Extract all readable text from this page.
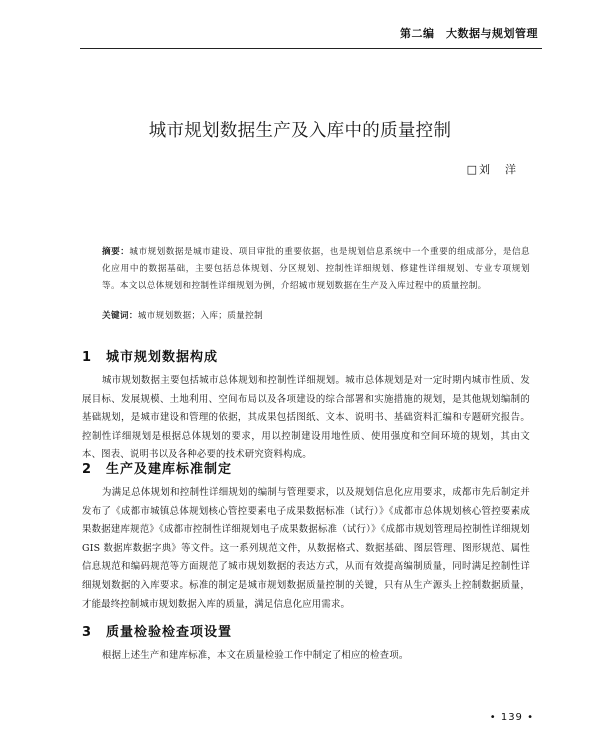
第二编　大数据与规划管理
城市规划数据生产及入库中的质量控制
□刘　洋
摘要：城市规划数据是城市建设、项目审批的重要依据，也是规划信息系统中一个重要的组成部分，是信息化应用中的数据基础，主要包括总体规划、分区规划、控制性详细规划、修建性详细规划、专业专项规划等。本文以总体规划和控制性详细规划为例，介绍城市规划数据在生产及入库过程中的质量控制。
关键词：城市规划数据；入库；质量控制
1 城市规划数据构成
城市规划数据主要包括城市总体规划和控制性详细规划。城市总体规划是对一定时期内城市性质、发展目标、发展规模、土地利用、空间布局以及各项建设的综合部署和实施措施的规划，是其他规划编制的基础规划，是城市建设和管理的依据，其成果包括图纸、文本、说明书、基础资料汇编和专题研究报告。控制性详细规划是根据总体规划的要求，用以控制建设用地性质、使用强度和空间环境的规划，其由文本、图表、说明书以及各种必要的技术研究资料构成。
2 生产及建库标准制定
为满足总体规划和控制性详细规划的编制与管理要求，以及规划信息化应用要求，成都市先后制定并发布了《成都市城镇总体规划核心管控要素电子成果数据标准（试行）》《成都市总体规划核心管控要素成果数据建库规范》《成都市控制性详细规划电子成果数据标准（试行）》《成都市规划管理局控制性详细规划 GIS 数据库数据字典》等文件。这一系列规范文件，从数据格式、数据基础、图层管理、图形规范、属性信息规范和编码规范等方面规范了城市规划数据的表达方式，从而有效提高编制质量，同时满足控制性详细规划数据的入库要求。标准的制定是城市规划数据质量控制的关键，只有从生产源头上控制数据质量，才能最终控制城市规划数据入库的质量，满足信息化应用需求。
3 质量检验检查项设置
根据上述生产和建库标准，本文在质量检验工作中制定了相应的检查项。
• 139 •
